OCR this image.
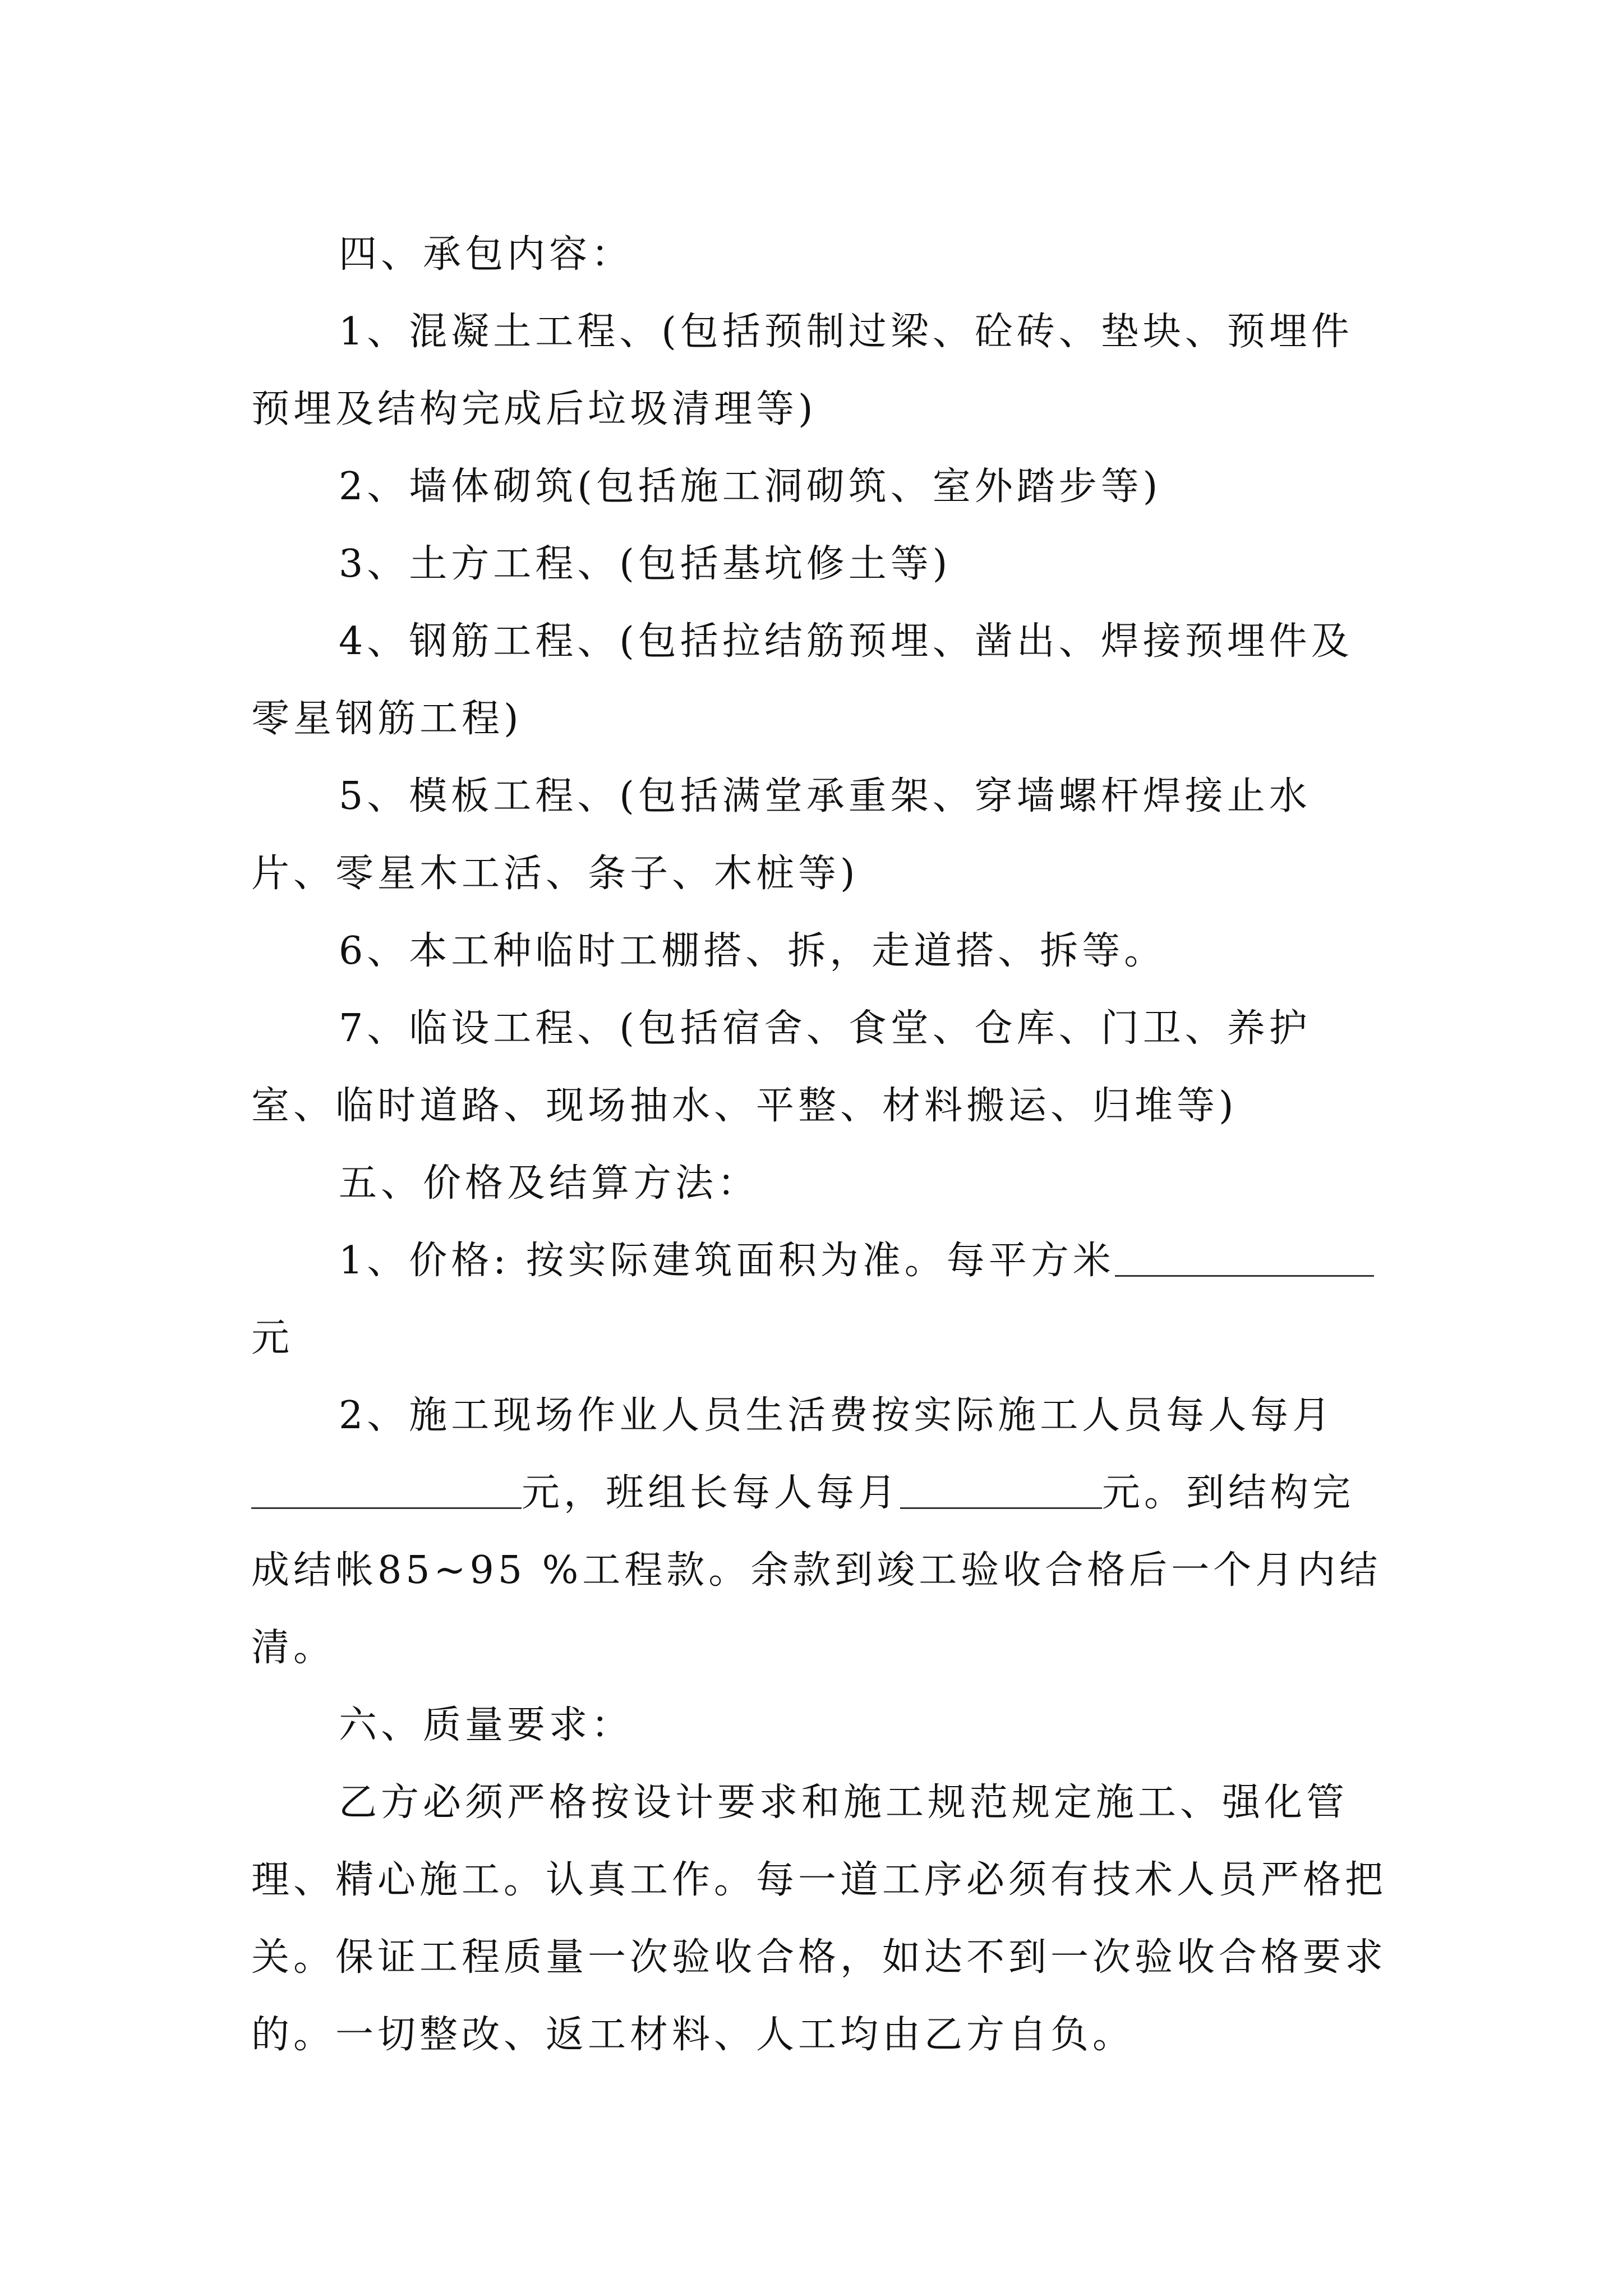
四、承包内容：

1、混凝土工程、(包括预制过梁、砼砖、垫块、预埋件预埋及结构完成后垃圾清理等)

2、墙体砌筑(包括施工洞砌筑、室外踏步等)

3、土方工程、(包括基坑修土等)

4、钢筋工程、(包括拉结筋预埋、凿出、焊接预埋件及零星钢筋工程)

5、模板工程、(包括满堂承重架、穿墙螺杆焊接止水片、零星木工活、条子、木桩等)

6、本工种临时工棚搭、拆，走道搭、拆等。

7、临设工程、(包括宿舍、食堂、仓库、门卫、养护室、临时道路、现场抽水、平整、材料搬运、归堆等)

五、价格及结算方法：

1、价格: 按实际建筑面积为准。每平方米元

2、施工现场作业人员生活费按实际施工人员每人每月元，班组长每人每月	元。到结构完成结帐85~95 %工程款。余款到竣工验收合格后一个月内结清。

六、质量要求：

乙方必须严格按设计要求和施工规范规定施工、强化管理、精心施工。认真工作。每一道工序必须有技术人员严格把关。保证工程质量一次验收合格，如达不到一次验收合格要求的。一切整改、返工材料、人工均由乙方自负。
